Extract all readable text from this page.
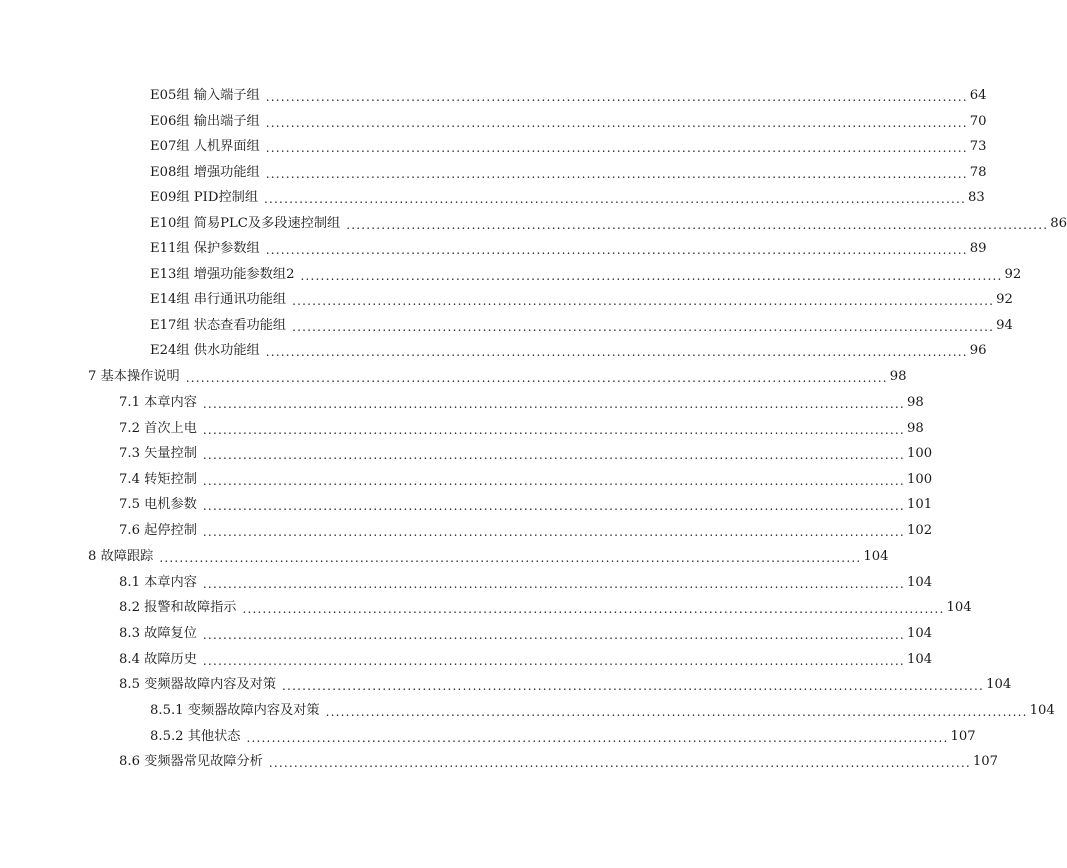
E05组 输入端子组 ............................................................................................................................................ 64
E06组 输出端子组 ............................................................................................................................................ 70
E07组 人机界面组 ............................................................................................................................................ 73
E08组 增强功能组 ............................................................................................................................................ 78
E09组 PID控制组 ............................................................................................................................................ 83
E10组 简易PLC及多段速控制组 ............................................................................................................................................ 86
E11组 保护参数组 ............................................................................................................................................ 89
E13组 增强功能参数组2 ............................................................................................................................................ 92
E14组 串行通讯功能组 ............................................................................................................................................ 92
E17组 状态查看功能组 ............................................................................................................................................ 94
E24组 供水功能组 ............................................................................................................................................ 96
7 基本操作说明 ............................................................................................................................................ 98
7.1 本章内容 ............................................................................................................................................ 98
7.2 首次上电 ............................................................................................................................................ 98
7.3 矢量控制 ............................................................................................................................................ 100
7.4 转矩控制 ............................................................................................................................................ 100
7.5 电机参数 ............................................................................................................................................ 101
7.6 起停控制 ............................................................................................................................................ 102
8 故障跟踪 ............................................................................................................................................ 104
8.1 本章内容 ............................................................................................................................................ 104
8.2 报警和故障指示 ............................................................................................................................................ 104
8.3 故障复位 ............................................................................................................................................ 104
8.4 故障历史 ............................................................................................................................................ 104
8.5 变频器故障内容及对策 ............................................................................................................................................ 104
8.5.1 变频器故障内容及对策 ............................................................................................................................................ 104
8.5.2 其他状态 ............................................................................................................................................ 107
8.6 变频器常见故障分析 ............................................................................................................................................ 107
